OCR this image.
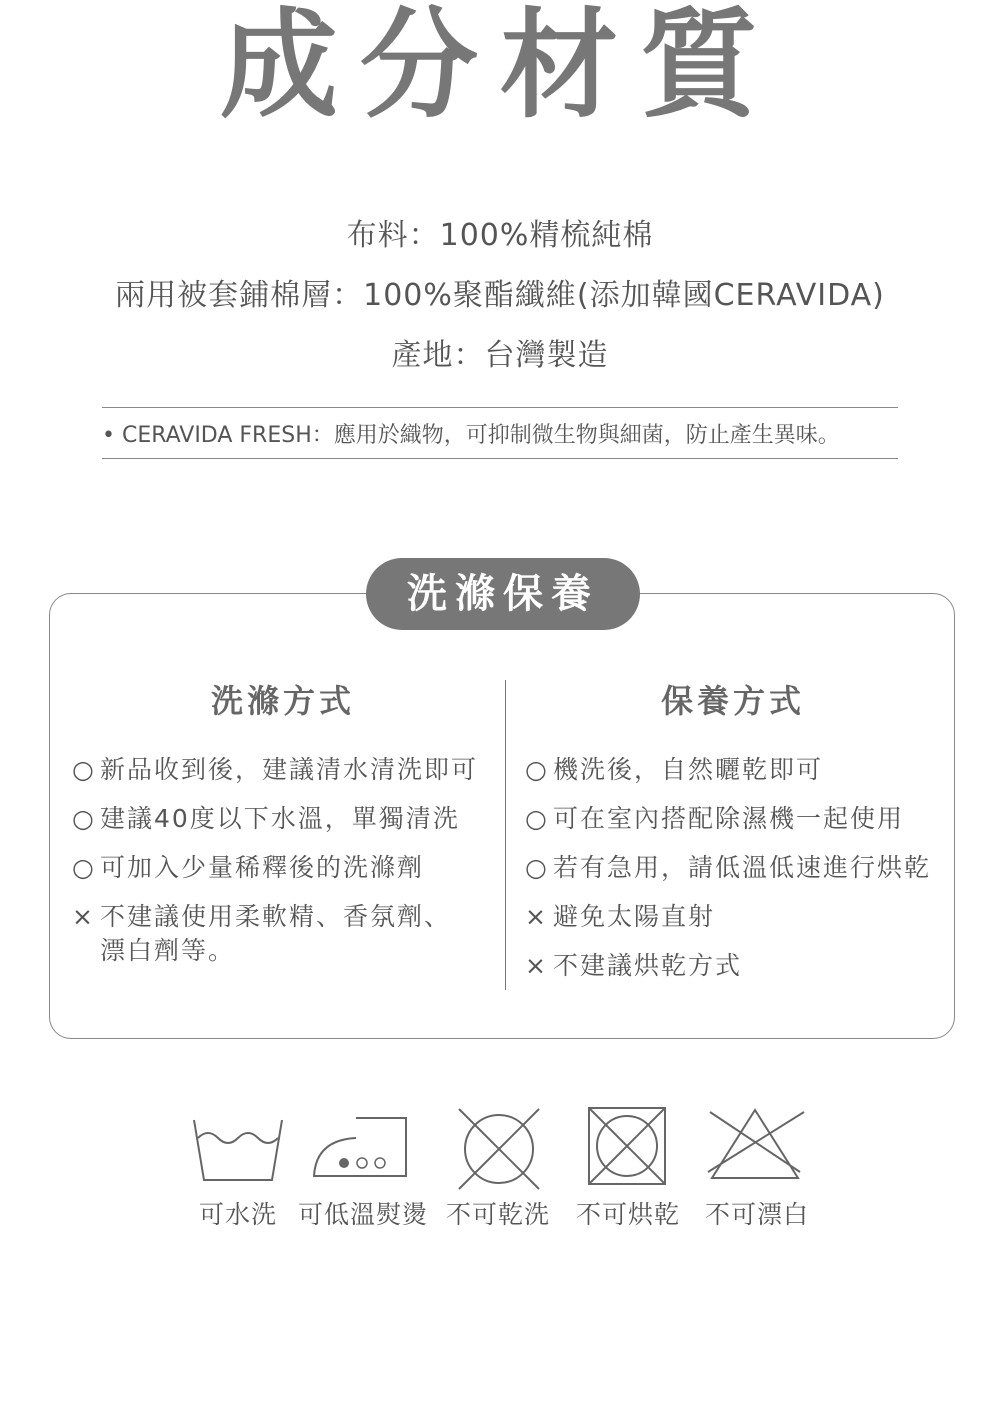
成分材質
布料：100%精梳純棉
兩用被套鋪棉層：100%聚酯纖維(添加韓國CERAVIDA)
產地：台灣製造
• CERAVIDA FRESH：應用於織物，可抑制微生物與細菌，防止產生異味。
洗滌保養
洗滌方式	保養方式
○ 新品收到後，建議清水清洗即可
○ 建議40度以下水溫，單獨清洗
○ 可加入少量稀釋後的洗滌劑
× 不建議使用柔軟精、香氛劑、
漂白劑等。
○ 機洗後，自然曬乾即可
○ 可在室內搭配除濕機一起使用
○ 若有急用，請低溫低速進行烘乾
× 避免太陽直射
× 不建議烘乾方式
可水洗 可低溫熨燙 不可乾洗	不可烘乾 不可漂白
